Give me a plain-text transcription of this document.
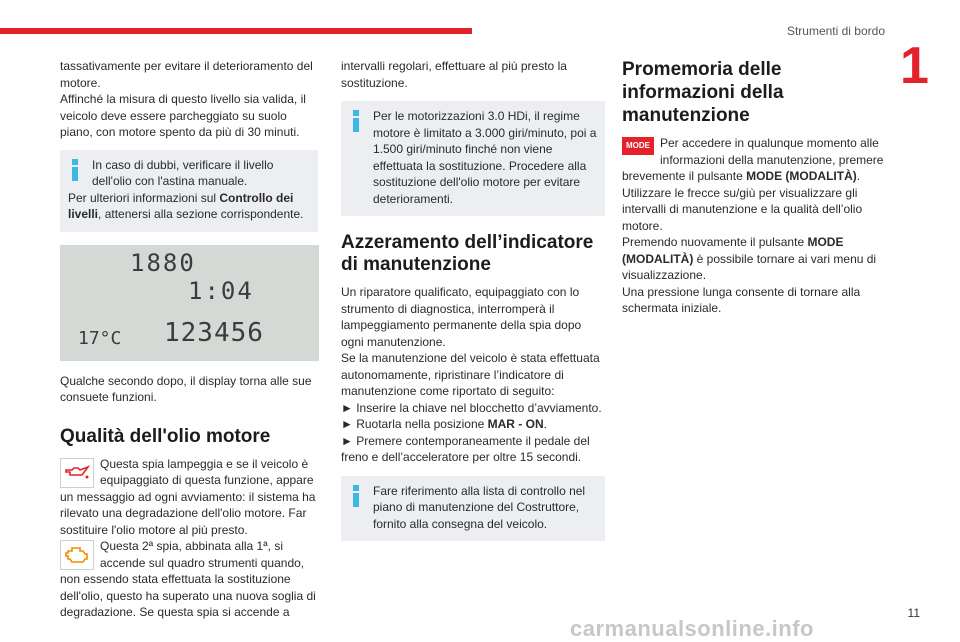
Strumenti di bordo
1

tassativamente per evitare il deterioramento del motore.

Affinché la misura di questo livello sia valida, il veicolo deve essere parcheggiato su suolo piano, con motore spento da più di 30 minuti.

In caso di dubbi, verificare il livello dell'olio con l'astina manuale.

Per ulteriori informazioni sul Controllo dei livelli, attenersi alla sezione corrispondente.

1880
1:04
17°C 123456

Qualche secondo dopo, il display torna alle sue consuete funzioni.

Qualità dell'olio motore

Questa spia lampeggia e se il veicolo è equipaggiato di questa funzione, appare un messaggio ad ogni avviamento: il sistema ha rilevato una degradazione dell'olio motore. Far sostituire l'olio motore al più presto.

Questa 2ª spia, abbinata alla 1ª, si accende sul quadro strumenti quando, non essendo stata effettuata la sostituzione dell'olio, questo ha superato una nuova soglia di degradazione. Se questa spia si accende a

intervalli regolari, effettuare al più presto la sostituzione.

Per le motorizzazioni 3.0 HDi, il regime motore è limitato a 3.000 giri/minuto, poi a 1.500 giri/minuto finché non viene effettuata la sostituzione. Procedere alla sostituzione dell'olio motore per evitare deterioramenti.

Azzeramento dell’indicatore di manutenzione

Un riparatore qualificato, equipaggiato con lo strumento di diagnostica, interromperà il lampeggiamento permanente della spia dopo ogni manutenzione.

Se la manutenzione del veicolo è stata effettuata autonomamente, ripristinare l’indicatore di manutenzione come riportato di seguito:

► Inserire la chiave nel blocchetto d’avviamento.

► Ruotarla nella posizione MAR - ON.

► Premere contemporaneamente il pedale del freno e dell’acceleratore per oltre 15 secondi.

Fare riferimento alla lista di controllo nel piano di manutenzione del Costruttore, fornito alla consegna del veicolo.

Promemoria delle informazioni della manutenzione
MODE Per accedere in qualunque momento alle informazioni della manutenzione, premere brevemente il pulsante MODE (MODALITÀ).

Utilizzare le frecce su/giù per visualizzare gli intervalli di manutenzione e la qualità dell’olio motore.

Premendo nuovamente il pulsante MODE (MODALITÀ) è possibile tornare ai vari menu di visualizzazione.

Una pressione lunga consente di tornare alla schermata iniziale.

11
carmanualsonline.info
